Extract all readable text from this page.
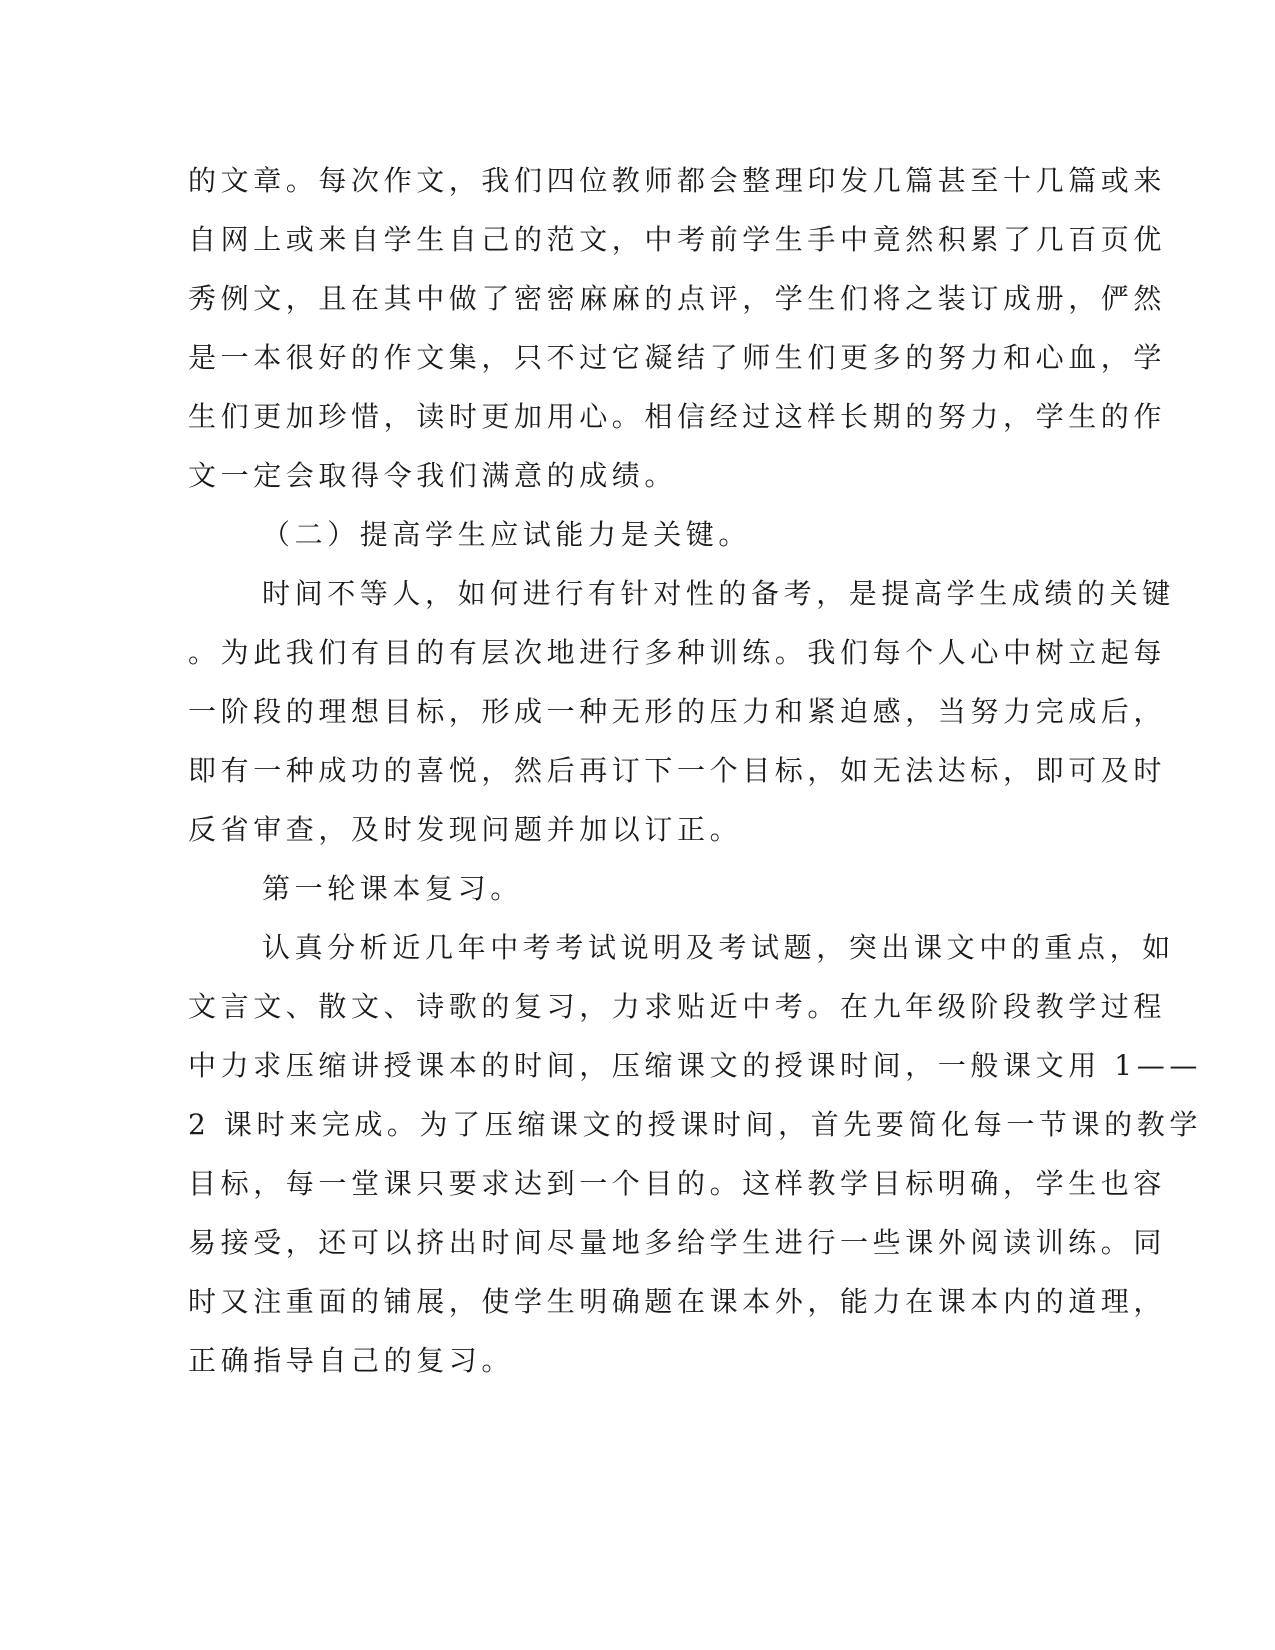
的文章。每次作文，我们四位教师都会整理印发几篇甚至十几篇或来
自网上或来自学生自己的范文，中考前学生手中竟然积累了几百页优
秀例文，且在其中做了密密麻麻的点评，学生们将之装订成册，俨然
是一本很好的作文集，只不过它凝结了师生们更多的努力和心血，学
生们更加珍惜，读时更加用心。相信经过这样长期的努力，学生的作
文一定会取得令我们满意的成绩。
（二）提高学生应试能力是关键。
时间不等人，如何进行有针对性的备考，是提高学生成绩的关键
。为此我们有目的有层次地进行多种训练。我们每个人心中树立起每
一阶段的理想目标，形成一种无形的压力和紧迫感，当努力完成后，
即有一种成功的喜悦，然后再订下一个目标，如无法达标，即可及时
反省审查，及时发现问题并加以订正。
第一轮课本复习。
认真分析近几年中考考试说明及考试题，突出课文中的重点，如
文言文、散文、诗歌的复习，力求贴近中考。在九年级阶段教学过程
中力求压缩讲授课本的时间，压缩课文的授课时间，一般课文用 1——
2 课时来完成。为了压缩课文的授课时间，首先要简化每一节课的教学
目标，每一堂课只要求达到一个目的。这样教学目标明确，学生也容
易接受，还可以挤出时间尽量地多给学生进行一些课外阅读训练。同
时又注重面的铺展，使学生明确题在课本外，能力在课本内的道理，
正确指导自己的复习。
